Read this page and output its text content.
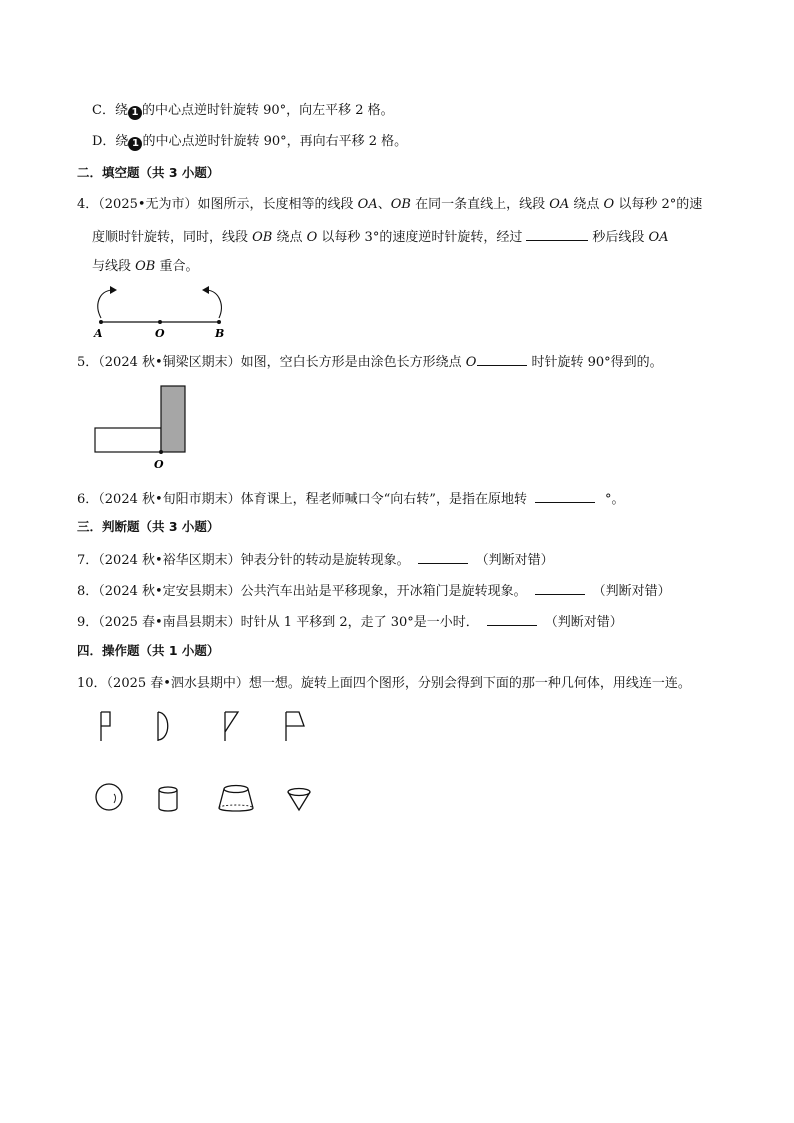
C．绕 1 的中心点逆时针旋转 90°，向左平移 2 格。
D．绕 1 的中心点逆时针旋转 90°，再向右平移 2 格。
二．填空题（共 3 小题）
4．（2025•无为市）如图所示，长度相等的线段 OA、OB 在同一条直线上，线段 OA 绕点 O 以每秒 2°的速
度顺时针旋转，同时，线段 OB 绕点 O 以每秒 3°的速度逆时针旋转，经过	秒后线段 OA
与线段 OB 重合。
A	O	B
5．（2024 秋•铜梁区期末）如图，空白长方形是由涂色长方形绕点 O	时针旋转 90°得到的。
O
6．（2024 秋•旬阳市期末）体育课上，程老师喊口令“向右转”，是指在原地转	°。
三．判断题（共 3 小题）
7．（2024 秋•裕华区期末）钟表分针的转动是旋转现象。	（判断对错）
8．（2024 秋•定安县期末）公共汽车出站是平移现象，开冰箱门是旋转现象。	（判断对错）
9．（2025 春•南昌县期末）时针从 1 平移到 2，走了 30°是一小时．	（判断对错）
四．操作题（共 1 小题）
10．（2025 春•泗水县期中）想一想。旋转上面四个图形，分别会得到下面的那一种几何体，用线连一连。
